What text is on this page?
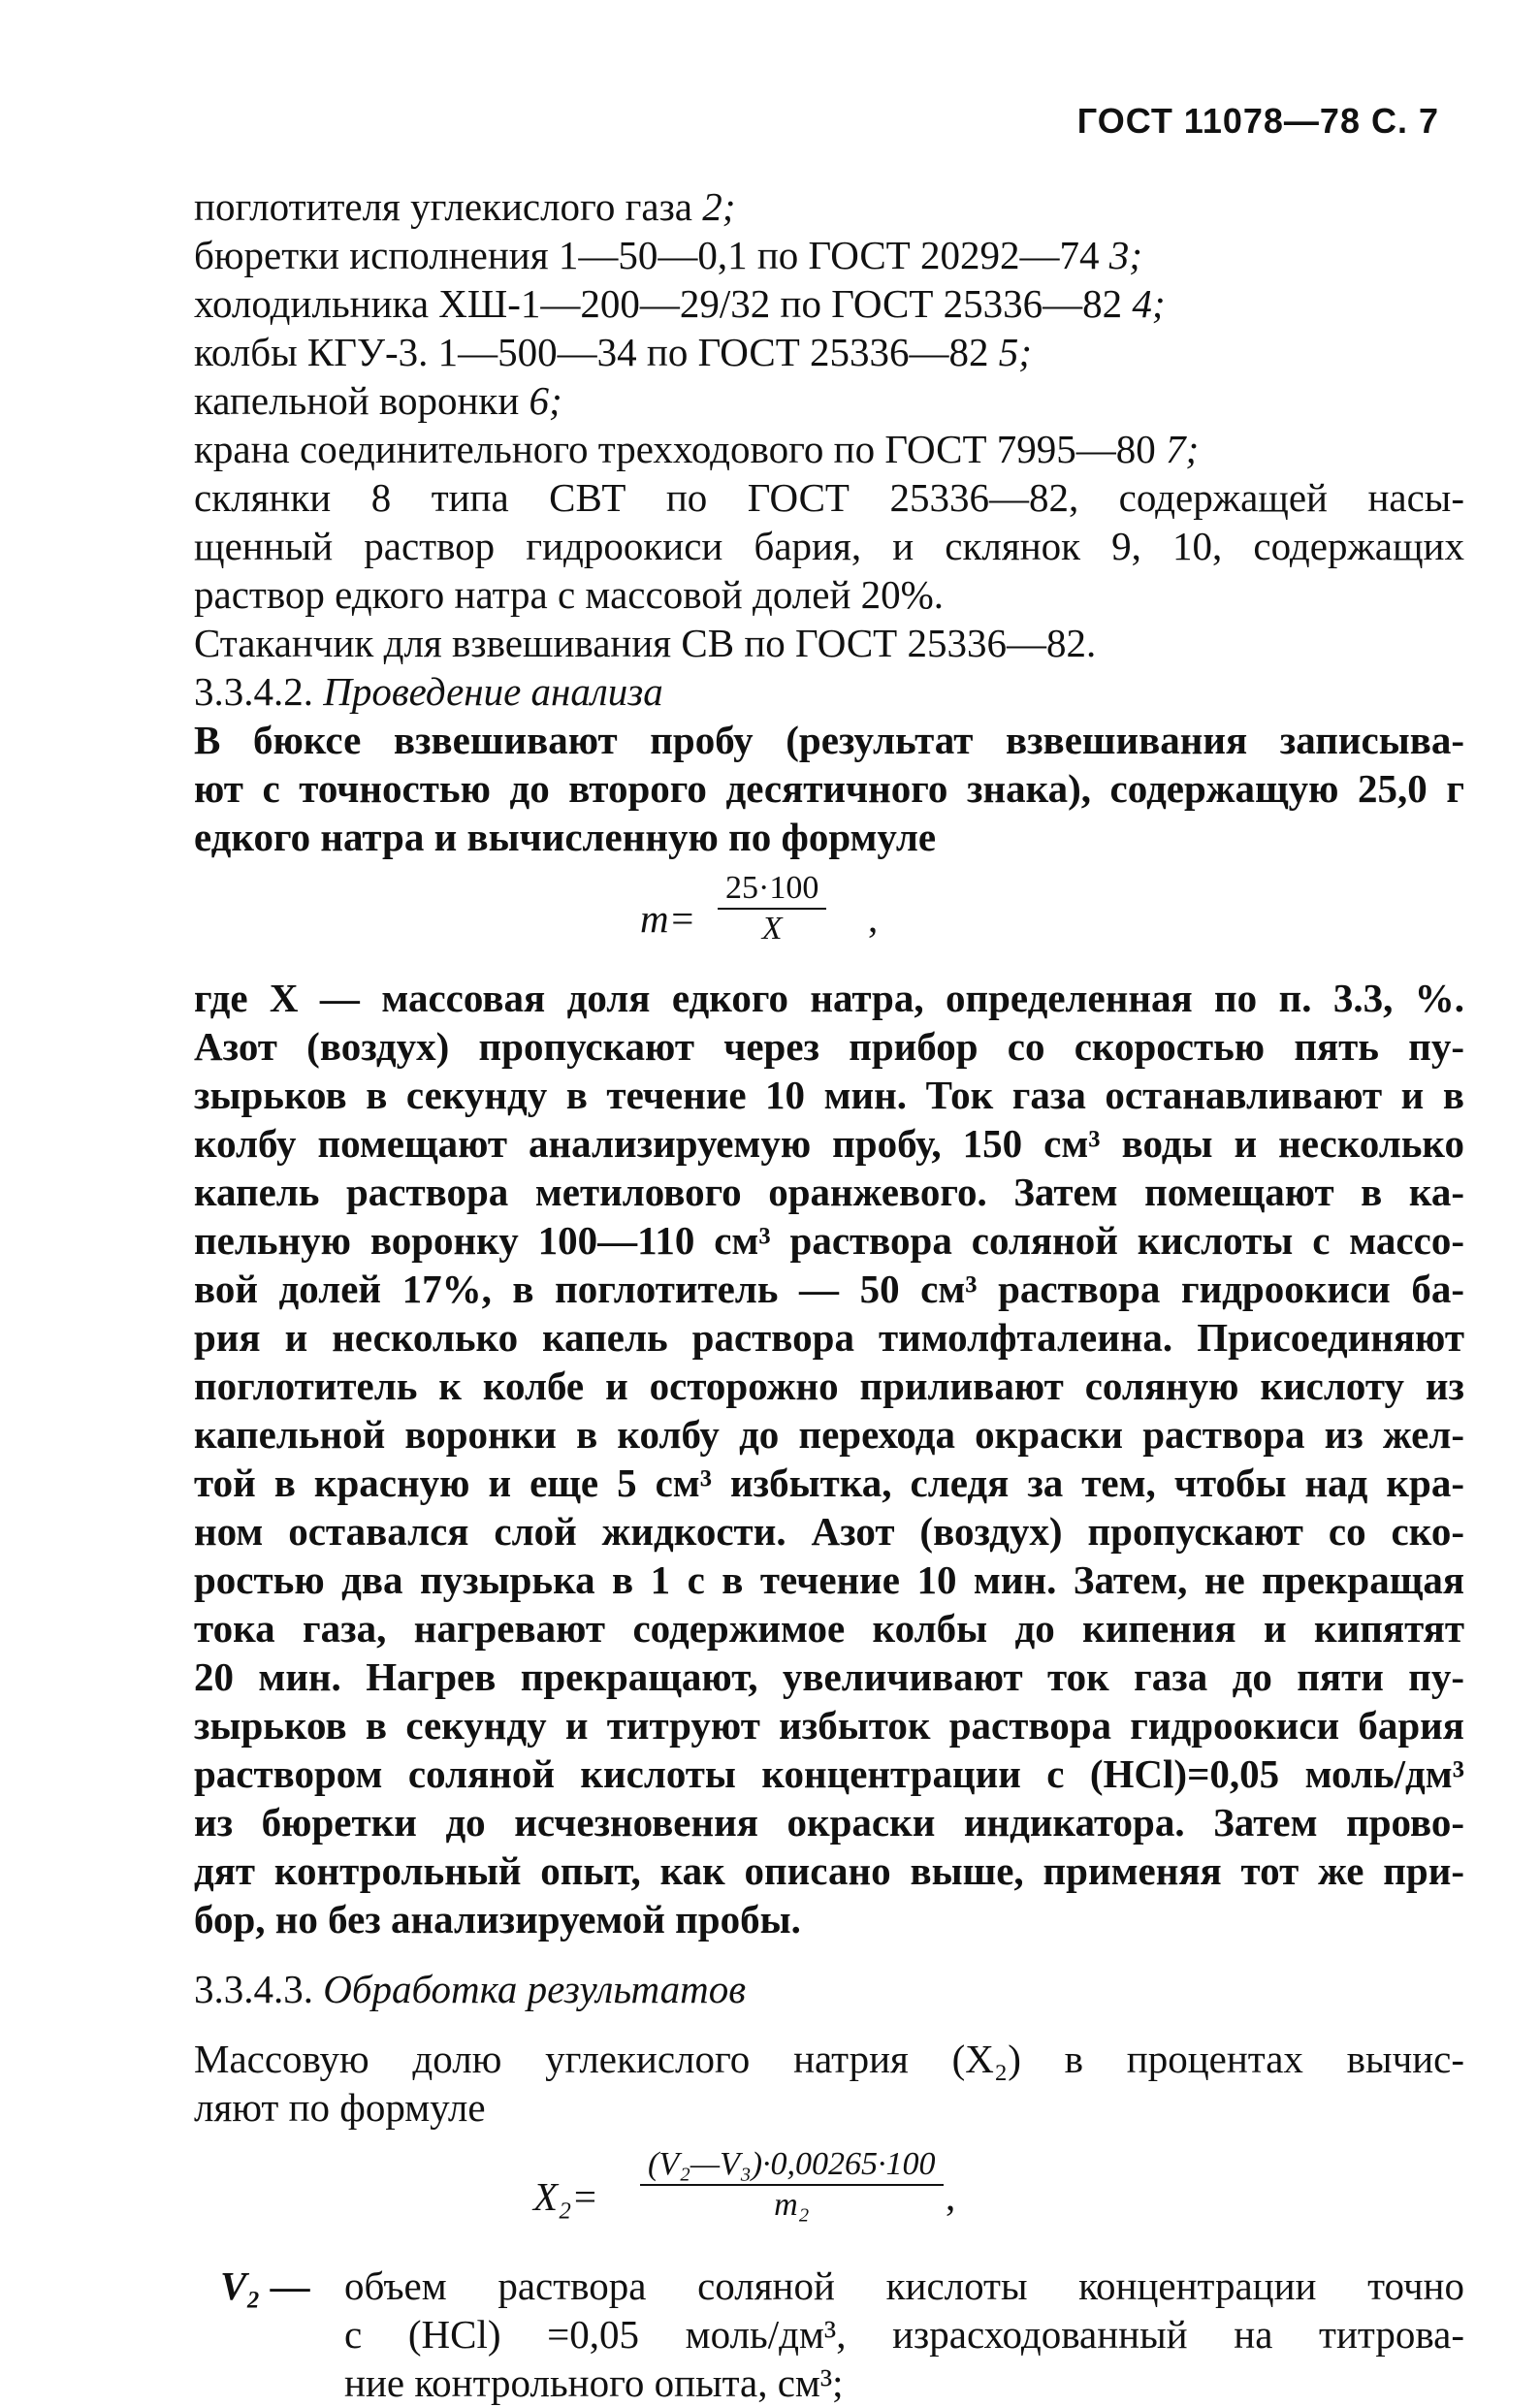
ГОСТ 11078—78 С. 7
поглотителя углекислого газа 2;
бюретки исполнения 1—50—0,1 по ГОСТ 20292—74 3;
холодильника ХШ-1—200—29/32 по ГОСТ 25336—82 4;
колбы КГУ-3. 1—500—34 по ГОСТ 25336—82 5;
капельной воронки 6;
крана соединительного трехходового по ГОСТ 7995—80 7;
склянки 8 типа СВТ по ГОСТ 25336—82, содержащей насы-
щенный раствор гидроокиси бария, и склянок 9, 10, содержащих
раствор едкого натра с массовой долей 20%.
Стаканчик для взвешивания СВ по ГОСТ 25336—82.
3.3.4.2. Проведение анализа
В бюксе взвешивают пробу (результат взвешивания записыва-
ют с точностью до второго десятичного знака), содержащую 25,0 г
едкого натра и вычисленную по формуле
m=
25·100
X	,
где X — массовая доля едкого натра, определенная по п. 3.3, %.
Азот (воздух) пропускают через прибор со скоростью пять пу-
зырьков в секунду в течение 10 мин. Ток газа останавливают и в
колбу помещают анализируемую пробу, 150 см³ воды и несколько
капель раствора метилового оранжевого. Затем помещают в ка-
пельную воронку 100—110 см³ раствора соляной кислоты с массо-
вой долей 17%, в поглотитель — 50 см³ раствора гидроокиси ба-
рия и несколько капель раствора тимолфталеина. Присоединяют
поглотитель к колбе и осторожно приливают соляную кислоту из
капельной воронки в колбу до перехода окраски раствора из жел-
той в красную и еще 5 см³ избытка, следя за тем, чтобы над кра-
ном оставался слой жидкости. Азот (воздух) пропускают со ско-
ростью два пузырька в 1 с в течение 10 мин. Затем, не прекращая
тока газа, нагревают содержимое колбы до кипения и кипятят
20 мин. Нагрев прекращают, увеличивают ток газа до пяти пу-
зырьков в секунду и титруют избыток раствора гидроокиси бария
раствором соляной кислоты концентрации с (HCl)=0,05 моль/дм³
из бюретки до исчезновения окраски индикатора. Затем прово-
дят контрольный опыт, как описано выше, применяя тот же при-
бор, но без анализируемой пробы.
3.3.4.3. Обработка результатов
Массовую долю углекислого натрия (X₂) в процентах вычис-
ляют по формуле
X₂=
(V₂—V₃)·0,00265·100
m₂	,
V₂ — объем раствора соляной кислоты концентрации точно
с (HCl) =0,05 моль/дм³, израсходованный на титрова-
ние контрольного опыта, см³;
